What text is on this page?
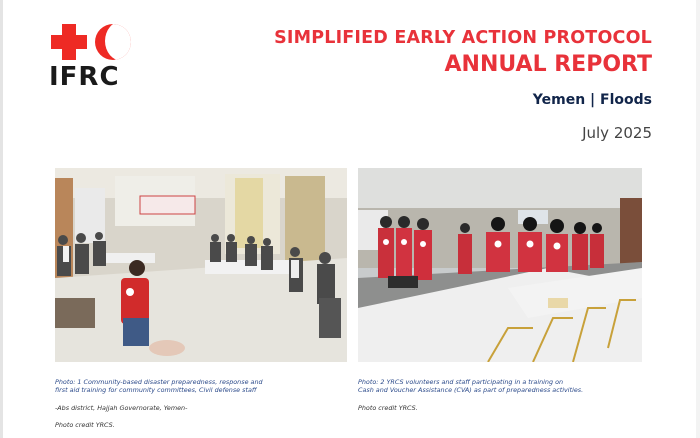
IFRC
SIMPLIFIED EARLY ACTION PROTOCOL
ANNUAL REPORT
Yemen | Floods
July 2025
Photo: 1 Community-based disaster preparedness, response and
first aid training for community committees, Civil defense staff
-Abs district, Hajjah Governorate, Yemen-
Photo credit YRCS.
Photo: 2 YRCS volunteers and staff participating in a training on
Cash and Voucher Assistance (CVA) as part of preparedness activities.
Photo credit YRCS.
